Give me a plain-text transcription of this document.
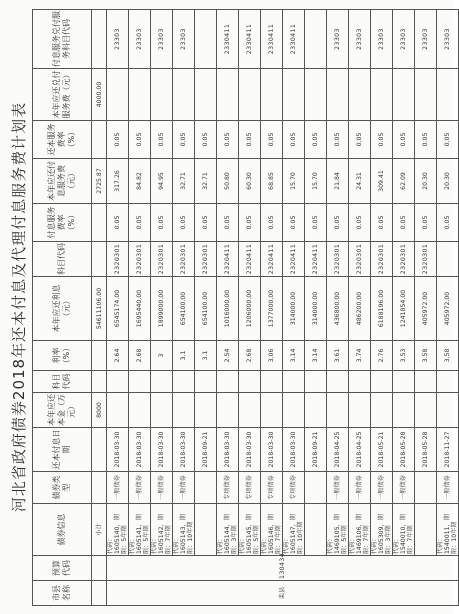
河北省政府债券2018年还本付息及代理付息服务费计划表
市县名称	预算代码	债券信息	债券类型	还本付息日期	本年应还本金（万元）	科目代码	利率（%）	本年应还利息（元）	科目代码	付息服务费率（%）	本年应还付息服务费（元）	还本服务费率（%）	本年应还兑付服务费（元）	付息服务兑付服务科目代码
		小计			8000			54611106.00			2725.87		4000.00	
栾县	130434	代码：1605140，期限：5年期	一般债券	2018-03-30			2.64	6545174.00	2320301	0.05	317.26	0.05		23303
		代码：1605141，期限：5年期	一般债券	2018-03-30			2.68	1695440.00	2320301	0.05	84.82	0.05		23303
		代码：1605142，期限：7年期	一般债券	2018-03-30			3	1899000.00	2320301	0.05	94.95	0.05		23303
		代码：1605143，期限：10年期	一般债券	2018-03-30			3.1	654100.00	2320301	0.05	32.71	0.05		23303
				2018-09-21			3.1	654100.00	2320301	0.05	32.71	0.05		
		代码：1605144，期限：3年期	专项债券	2018-03-30			2.54	1016000.00	2320411	0.05	50.80	0.05		2330411
		代码：1605145，期限：5年期	专项债券	2018-03-30			2.68	1206000.00	2320411	0.05	60.30	0.05		2330411
		代码：1605146，期限：7年期	专项债券	2018-03-30			3.06	1377000.00	2320411	0.05	68.85	0.05		2330411
		代码：1605147，期限：10年期	专项债券	2018-03-30			3.14	314000.00	2320411	0.05	15.70	0.05		2330411
				2018-09-21			3.14	314000.00	2320411	0.05	15.70	0.05		
		代码：1469105，期限：5年期	一般债券	2018-04-25			3.61	436800.00	2320301	0.05	21.84	0.05		23303
		代码：1469106，期限：7年期	一般债券	2018-04-25			3.74	486200.00	2320301	0.05	24.31	0.05		23303
		代码：1605309，期限：3年期	一般债券	2018-05-21			2.76	6188196.00	2320301	0.05	309.41	0.05		23303
		代码：1540010，期限：7年期	一般债券	2018-05-28			3.53	1241854.00	2320301	0.05	62.09	0.05		23303
				2018-05-28			3.58	405972.00	2320301	0.05	20.30	0.05		23303
		代码：1540011，期限：10年期	一般债券	2018-11-27			3.58	405972.00		0.05	20.30	0.05		23303
